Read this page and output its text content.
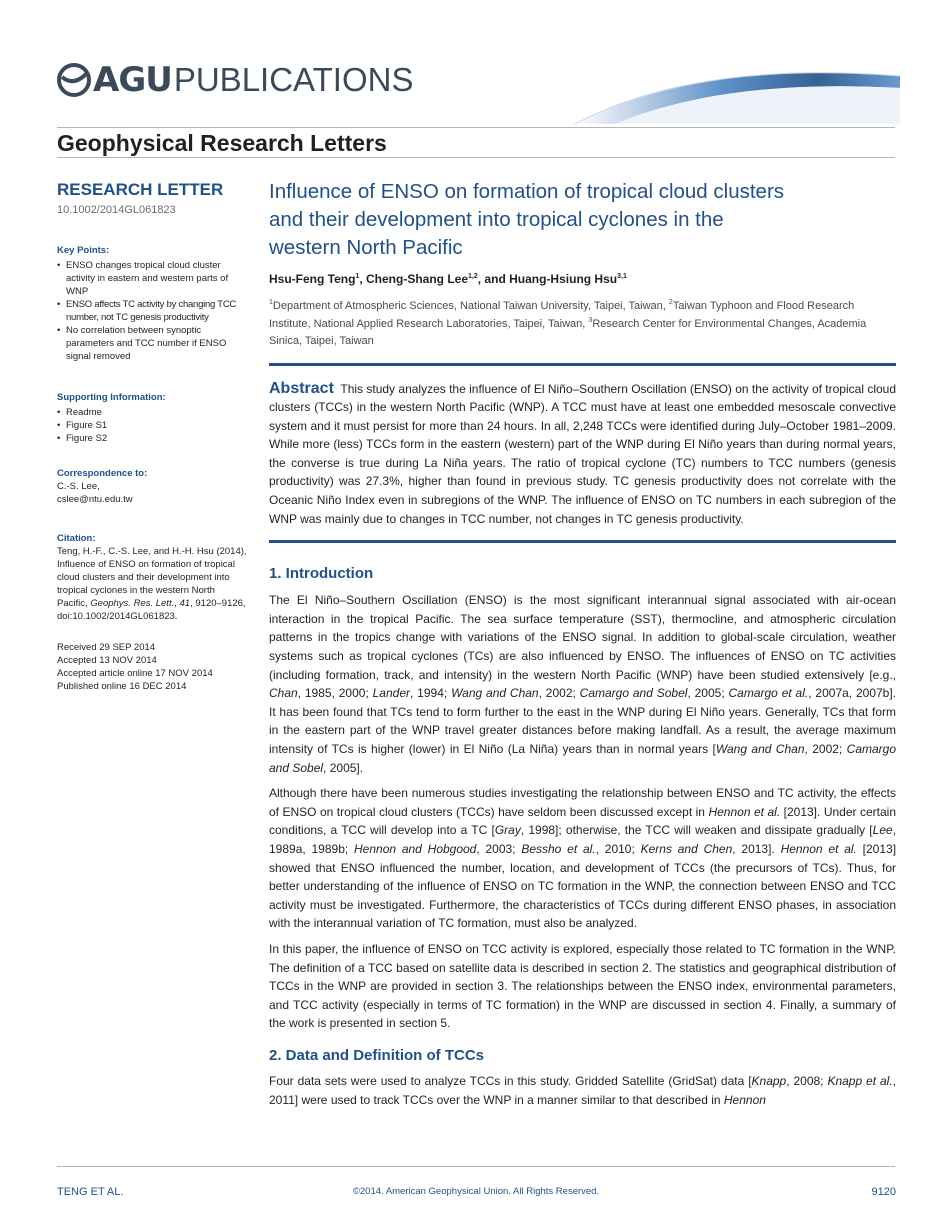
AGU PUBLICATIONS
Geophysical Research Letters
RESEARCH LETTER
10.1002/2014GL061823
Key Points:
• ENSO changes tropical cloud cluster activity in eastern and western parts of WNP
• ENSO affects TC activity by changing TCC number, not TC genesis productivity
• No correlation between synoptic parameters and TCC number if ENSO signal removed
Supporting Information:
• Readme
• Figure S1
• Figure S2
Correspondence to:
C.-S. Lee,
cslee@ntu.edu.tw
Citation:
Teng, H.-F., C.-S. Lee, and H.-H. Hsu (2014), Influence of ENSO on formation of tropical cloud clusters and their development into tropical cyclones in the western North Pacific, Geophys. Res. Lett., 41, 9120–9126, doi:10.1002/2014GL061823.
Received 29 SEP 2014
Accepted 13 NOV 2014
Accepted article online 17 NOV 2014
Published online 16 DEC 2014
Influence of ENSO on formation of tropical cloud clusters and their development into tropical cyclones in the western North Pacific
Hsu-Feng Teng$^1$, Cheng-Shang Lee$^{1,2}$, and Huang-Hsiung Hsu$^{3,1}$
$^1$Department of Atmospheric Sciences, National Taiwan University, Taipei, Taiwan, $^2$Taiwan Typhoon and Flood Research Institute, National Applied Research Laboratories, Taipei, Taiwan, $^3$Research Center for Environmental Changes, Academia Sinica, Taipei, Taiwan
Abstract This study analyzes the influence of El Niño–Southern Oscillation (ENSO) on the activity of tropical cloud clusters (TCCs) in the western North Pacific (WNP). A TCC must have at least one embedded mesoscale convective system and it must persist for more than 24 hours. In all, 2,248 TCCs were identified during July–October 1981–2009. While more (less) TCCs form in the eastern (western) part of the WNP during El Niño years than during normal years, the converse is true during La Niña years. The ratio of tropical cyclone (TC) numbers to TCC numbers (genesis productivity) was 27.3%, higher than found in previous study. TC genesis productivity does not correlate with the Oceanic Niño Index even in subregions of the WNP. The influence of ENSO on TC numbers in each subregion of the WNP was mainly due to changes in TCC number, not changes in TC genesis productivity.
1. Introduction

The El Niño–Southern Oscillation (ENSO) is the most significant interannual signal associated with air-ocean interaction in the tropical Pacific. The sea surface temperature (SST), thermocline, and atmospheric circulation patterns in the tropics change with variations of the ENSO signal. In addition to global-scale circulation, weather systems such as tropical cyclones (TCs) are also influenced by ENSO. The influences of ENSO on TC activities (including formation, track, and intensity) in the western North Pacific (WNP) have been studied extensively [e.g., Chan, 1985, 2000; Lander, 1994; Wang and Chan, 2002; Camargo and Sobel, 2005; Camargo et al., 2007a, 2007b]. It has been found that TCs tend to form further to the east in the WNP during El Niño years. Generally, TCs that form in the eastern part of the WNP travel greater distances before making landfall. As a result, the average maximum intensity of TCs is higher (lower) in El Niño (La Niña) years than in normal years [Wang and Chan, 2002; Camargo and Sobel, 2005].

Although there have been numerous studies investigating the relationship between ENSO and TC activity, the effects of ENSO on tropical cloud clusters (TCCs) have seldom been discussed except in Hennon et al. [2013]. Under certain conditions, a TCC will develop into a TC [Gray, 1998]; otherwise, the TCC will weaken and dissipate gradually [Lee, 1989a, 1989b; Hennon and Hobgood, 2003; Bessho et al., 2010; Kerns and Chen, 2013]. Hennon et al. [2013] showed that ENSO influenced the number, location, and development of TCCs (the precursors of TCs). Thus, for better understanding of the influence of ENSO on TC formation in the WNP, the connection between ENSO and TCC activity must be investigated. Furthermore, the characteristics of TCCs during different ENSO phases, in association with the interannual variation of TC formation, must also be analyzed.

In this paper, the influence of ENSO on TCC activity is explored, especially those related to TC formation in the WNP. The definition of a TCC based on satellite data is described in section 2. The statistics and geographical distribution of TCCs in the WNP are provided in section 3. The relationships between the ENSO index, environmental parameters, and TCC activity (especially in terms of TC formation) in the WNP are discussed in section 4. Finally, a summary of the work is presented in section 5.

2. Data and Definition of TCCs

Four data sets were used to analyze TCCs in this study. Gridded Satellite (GridSat) data [Knapp, 2008; Knapp et al., 2011] were used to track TCCs over the WNP in a manner similar to that described in Hennon

TENG ET AL.	©2014. American Geophysical Union. All Rights Reserved.	9120
